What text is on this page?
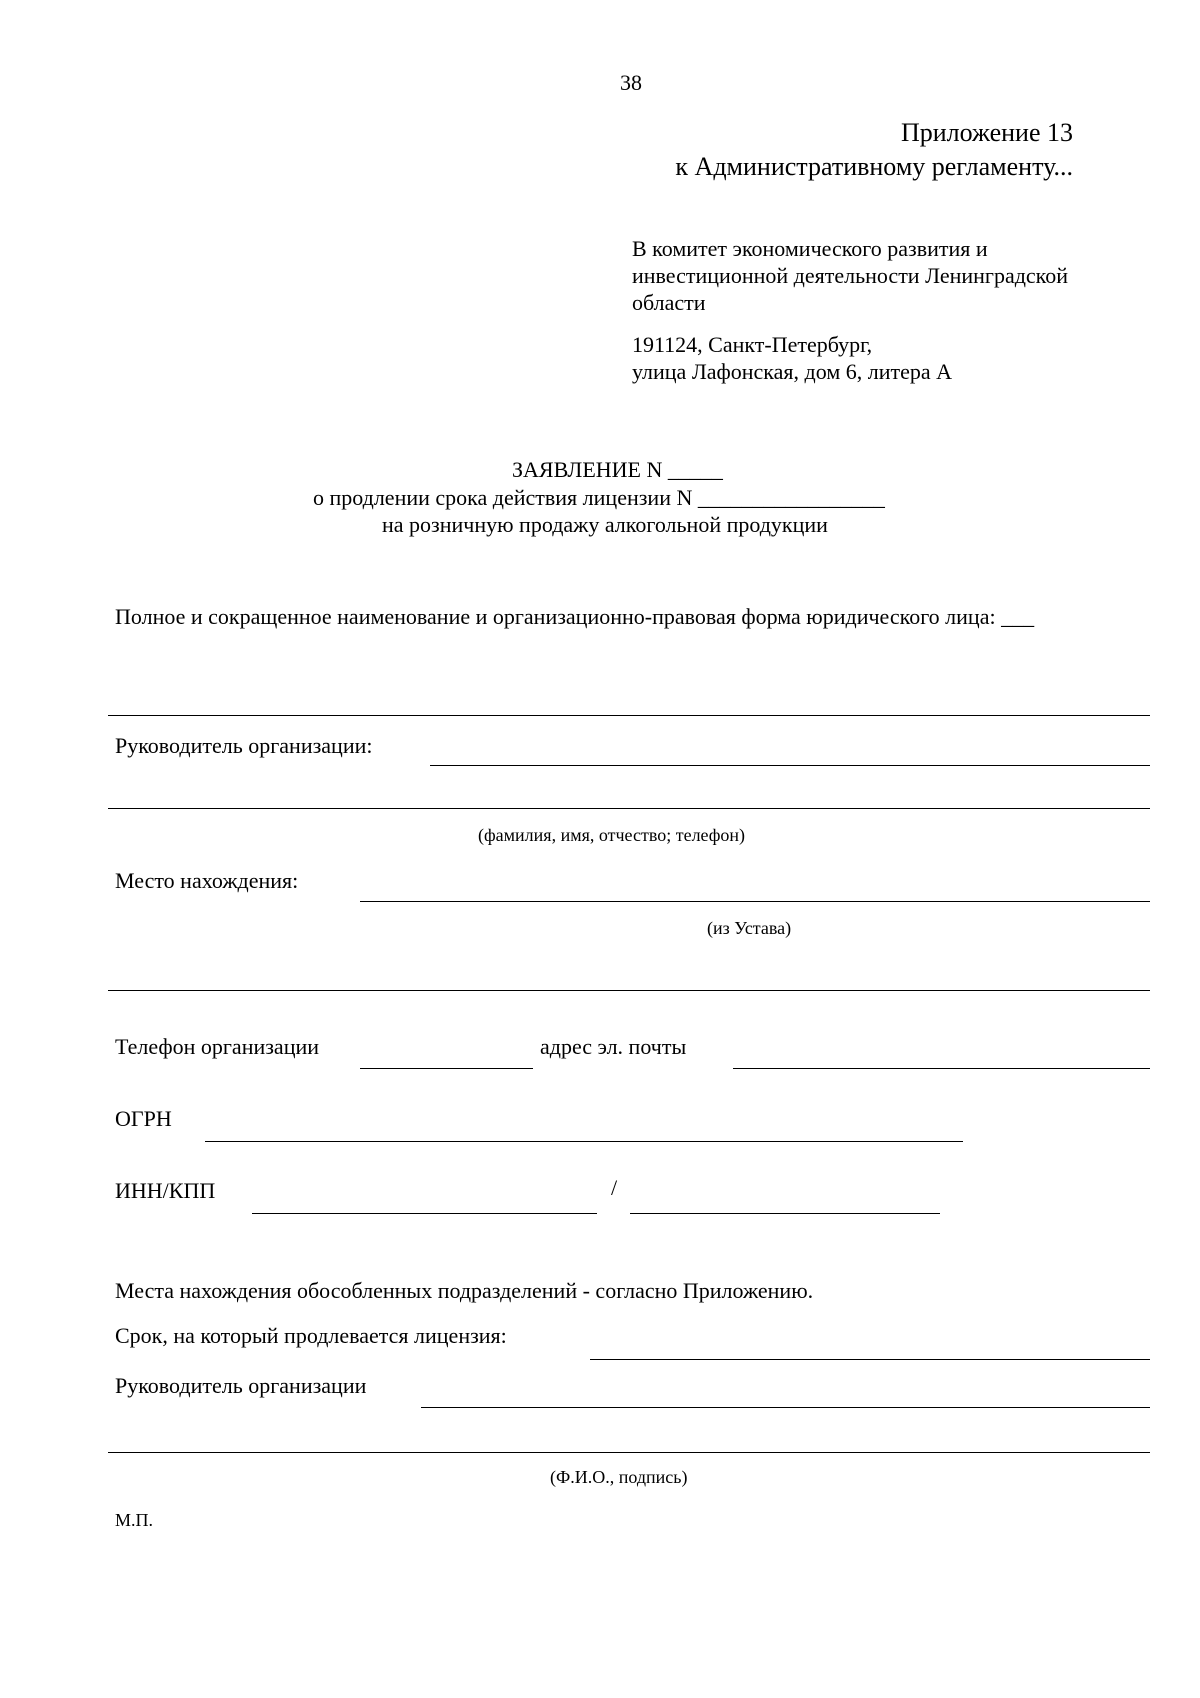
38
Приложение 13
к Административному регламенту...
В комитет экономического развития и
инвестиционной деятельности Ленинградской
области
191124, Санкт-Петербург,
улица Лафонская, дом 6, литера А
ЗАЯВЛЕНИЕ N _____
о продлении срока действия лицензии N _________________
на розничную продажу алкогольной продукции
Полное и сокращенное наименование и организационно-правовая форма юридического лица: ___
Руководитель организации:
(фамилия, имя, отчество; телефон)
Место нахождения:
(из Устава)
Телефон организации	адрес эл. почты
ОГРН
ИНН/КПП	/
Места нахождения обособленных подразделений - согласно Приложению.
Срок, на который продлевается лицензия:
Руководитель организации
(Ф.И.О., подпись)
М.П.
